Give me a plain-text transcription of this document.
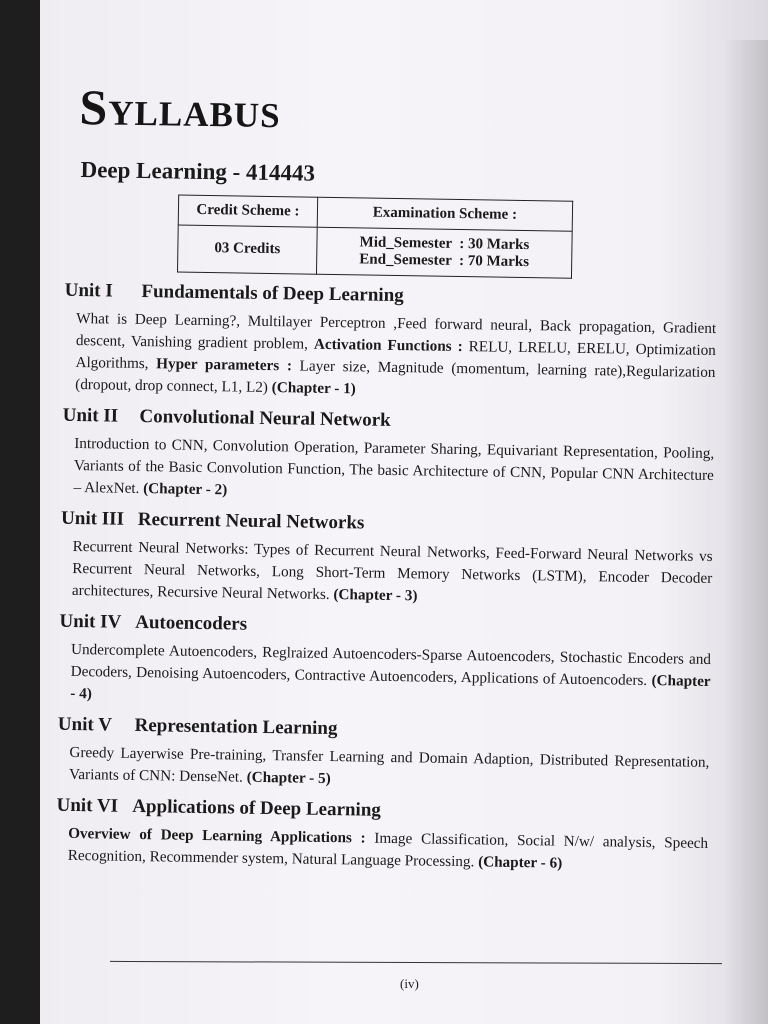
Syllabus
Deep Learning - 414443
Credit Scheme :	Examination Scheme :
03 Credits	Mid_Semester  : 30 Marks
End_Semester  : 70 Marks
Unit I Fundamentals of Deep Learning

What is Deep Learning?, Multilayer Perceptron ,Feed forward neural, Back propagation, Gradient descent, Vanishing gradient problem, Activation Functions : RELU, LRELU, ERELU, Optimization Algorithms, Hyper parameters : Layer size, Magnitude (momentum, learning rate),Regularization (dropout, drop connect, L1, L2) (Chapter - 1)

Unit II Convolutional Neural Network

Introduction to CNN, Convolution Operation, Parameter Sharing, Equivariant Representation, Pooling, Variants of the Basic Convolution Function, The basic Architecture of CNN, Popular CNN Architecture – AlexNet. (Chapter - 2)

Unit III Recurrent Neural Networks

Recurrent Neural Networks: Types of Recurrent Neural Networks, Feed-Forward Neural Networks vs Recurrent Neural Networks, Long Short-Term Memory Networks (LSTM), Encoder Decoder architectures, Recursive Neural Networks. (Chapter - 3)

Unit IV Autoencoders

Undercomplete Autoencoders, Reglraized Autoencoders-Sparse Autoencoders, Stochastic Encoders and Decoders, Denoising Autoencoders, Contractive Autoencoders, Applications of Autoencoders. (Chapter - 4)

Unit V Representation Learning

Greedy Layerwise Pre-training, Transfer Learning and Domain Adaption, Distributed Representation, Variants of CNN: DenseNet. (Chapter - 5)

Unit VI Applications of Deep Learning

Overview of Deep Learning Applications : Image Classification, Social N/w/ analysis, Speech Recognition, Recommender system, Natural Language Processing. (Chapter - 6)

(iv)
